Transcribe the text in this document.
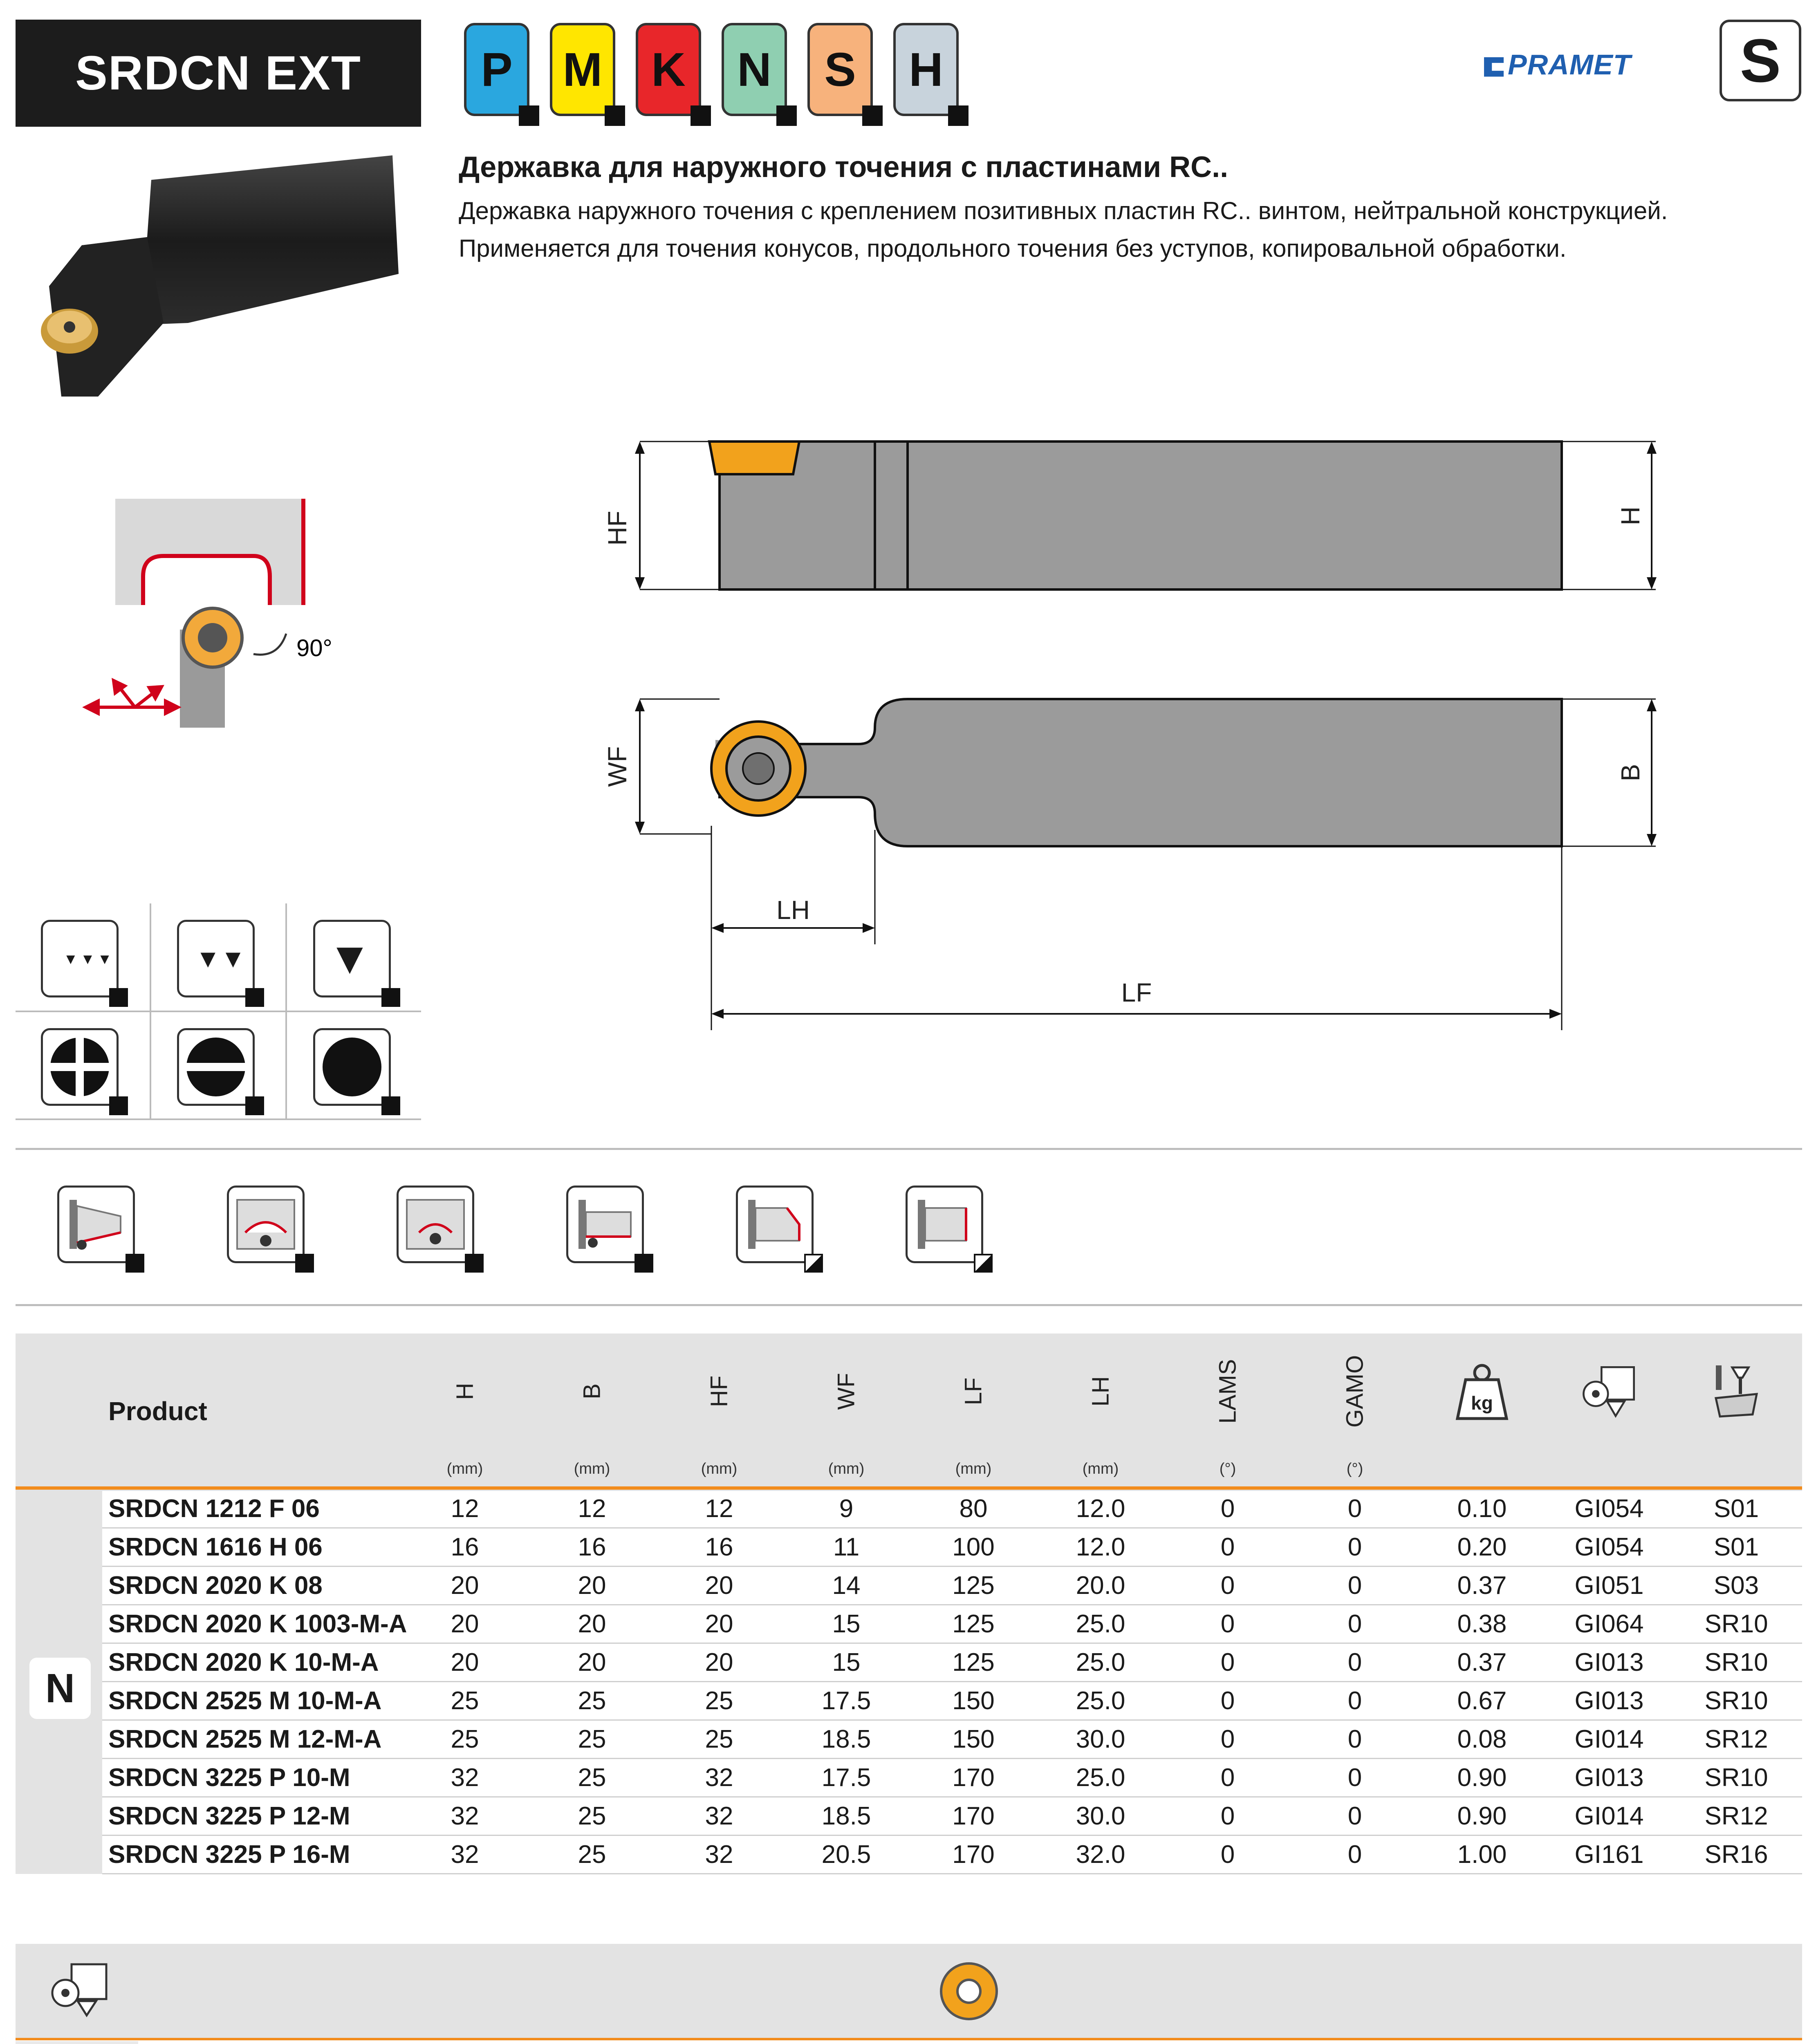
SRDCN EXT	P M K N S H	PRAMET	S
90°
▼▼▼	▼▼ ▼
Державка для наружного точения с пластинами RC..
Державка наружного точения с креплением позитивных пластин RC.. винтом, нейтральной конструкцией. Применяется для точения конусов, продольного точения без уступов, копировальной обработки.
HF	H
WF	B
LH
LF
Product
H
(mm)
B
(mm)
HF
(mm)
WF
(mm)
LF
(mm)
LH
(mm)
LAMS
(°)
GAMO
(°)
kg
N
SRDCN 1212 F 06	12	12	12	9	80	12.0	0	0	0.10	GI054	S01
SRDCN 1616 H 06	16	16	16	11	100	12.0	0	0	0.20	GI054	S01
SRDCN 2020 K 08	20	20	20	14	125	20.0	0	0	0.37	GI051	S03
SRDCN 2020 K 1003-M-A	20	20	20	15	125	25.0	0	0	0.38	GI064	SR10
SRDCN 2020 K 10-M-A	20	20	20	15	125	25.0	0	0	0.37	GI013	SR10
SRDCN 2525 M 10-M-A	25	25	25	17.5	150	25.0	0	0	0.67	GI013	SR10
SRDCN 2525 M 12-M-A	25	25	25	18.5	150	30.0	0	0	0.08	GI014	SR12
SRDCN 3225 P 10-M	32	25	32	17.5	170	25.0	0	0	0.90	GI013	SR10
SRDCN 3225 P 12-M	32	25	32	18.5	170	30.0	0	0	0.90	GI014	SR12
SRDCN 3225 P 16-M	32	25	32	20.5	170	32.0	0	0	1.00	GI161	SR16
